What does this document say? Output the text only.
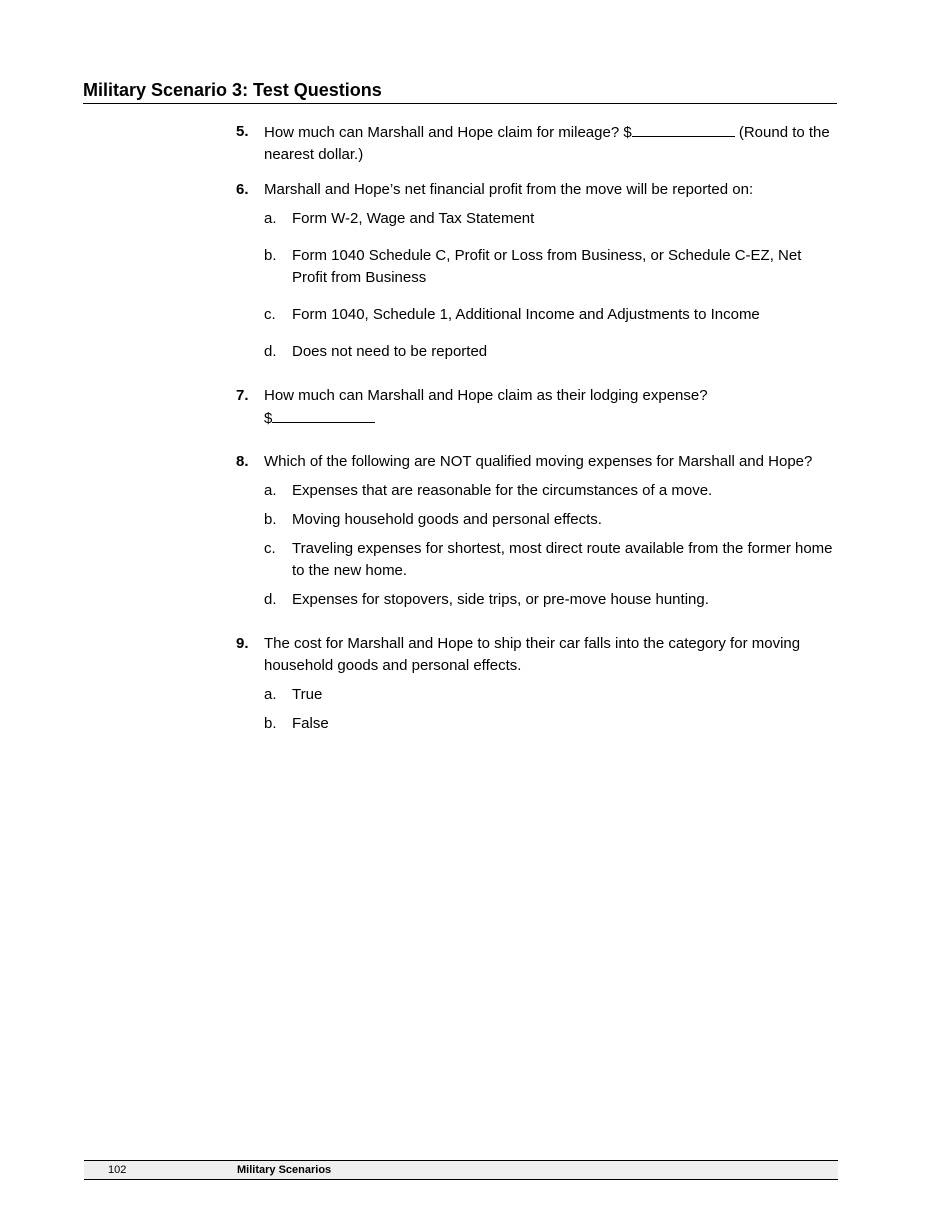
Military Scenario 3: Test Questions
5. How much can Marshall and Hope claim for mileage? $	(Round to the nearest dollar.)
6. Marshall and Hope’s net financial profit from the move will be reported on:
a. Form W-2, Wage and Tax Statement
b. Form 1040 Schedule C, Profit or Loss from Business, or Schedule C-EZ, Net Profit from Business
c. Form 1040, Schedule 1, Additional Income and Adjustments to Income
d. Does not need to be reported
7. How much can Marshall and Hope claim as their lodging expense?
$
8. Which of the following are NOT qualified moving expenses for Marshall and Hope?
a. Expenses that are reasonable for the circumstances of a move.
b. Moving household goods and personal effects.
c. Traveling expenses for shortest, most direct route available from the former home to the new home.
d. Expenses for stopovers, side trips, or pre-move house hunting.
9. The cost for Marshall and Hope to ship their car falls into the category for moving household goods and personal effects.
a. True
b. False
102	Military Scenarios
